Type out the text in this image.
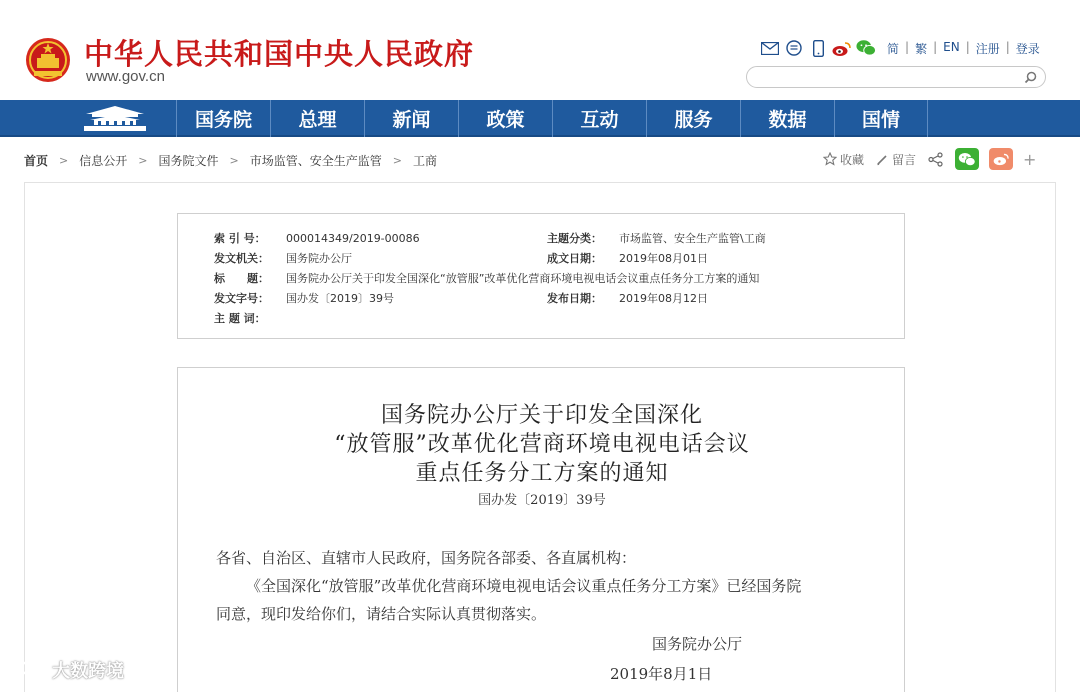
中华人民共和国中央人民政府
www.gov.cn
简 | 繁 | EN | 注册 | 登录
国务院	总理	新闻	政策	互动	服务	数据	国情
首页 > 信息公开 > 国务院文件 > 市场监管、安全生产监管 > 工商	收藏 留言	+
索 引 号： 000014349/2019-00086	主题分类： 市场监管、安全生产监管\工商
发文机关： 国务院办公厅	成文日期： 2019年08月01日
标　　题： 国务院办公厅关于印发全国深化“放管服”改革优化营商环境电视电话会议重点任务分工方案的通知
发文字号： 国办发〔2019〕39号	发布日期： 2019年08月12日
主 题 词：
国务院办公厅关于印发全国深化
“放管服”改革优化营商环境电视电话会议
重点任务分工方案的通知
国办发〔2019〕39号
各省、自治区、直辖市人民政府，国务院各部委、各直属机构：
《全国深化“放管服”改革优化营商环境电视电话会议重点任务分工方案》已经国务院
同意，现印发给你们，请结合实际认真贯彻落实。
国务院办公厅
2019年8月1日
大数跨境
